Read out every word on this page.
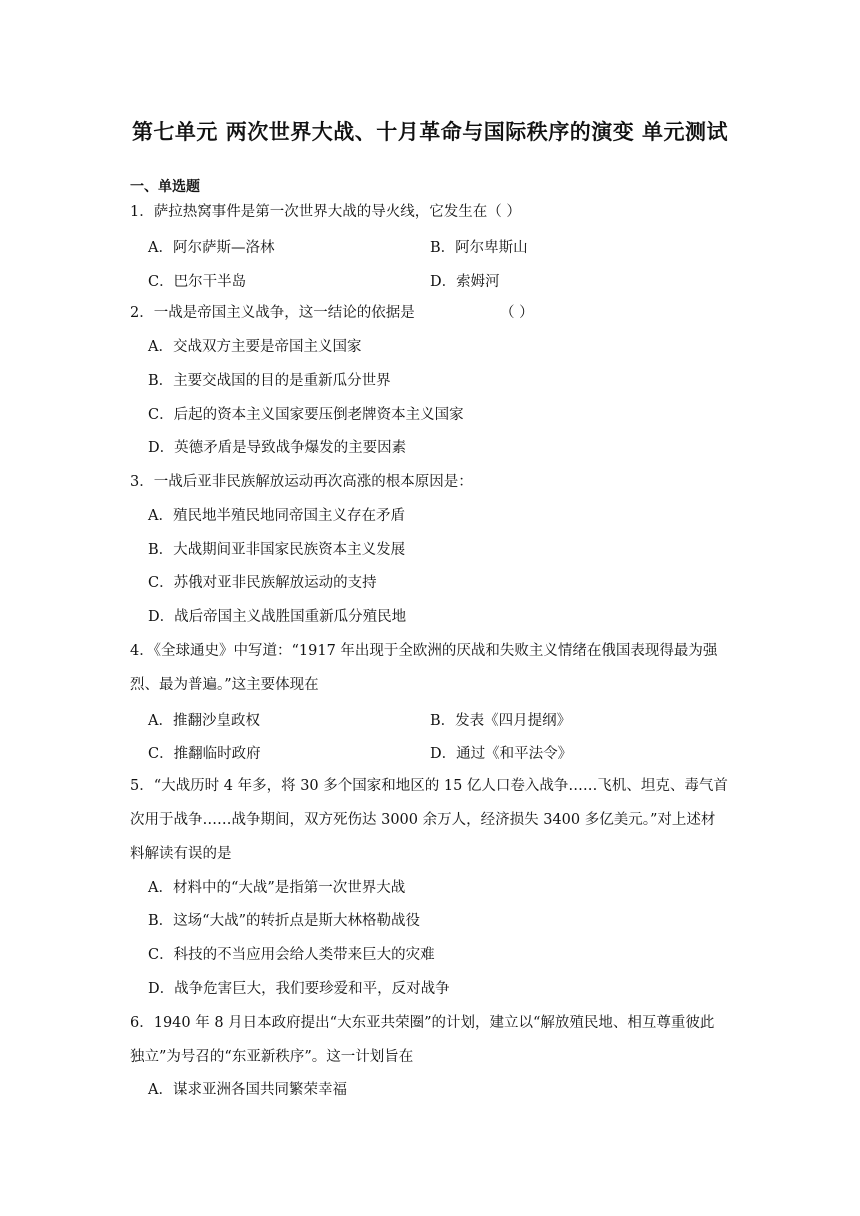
第七单元 两次世界大战、十月革命与国际秩序的演变 单元测试
一、单选题
1．萨拉热窝事件是第一次世界大战的导火线，它发生在（ ）
A．阿尔萨斯—洛林	B．阿尔卑斯山
C．巴尔干半岛	D．索姆河
2．一战是帝国主义战争，这一结论的依据是	（ ）
A．交战双方主要是帝国主义国家
B．主要交战国的目的是重新瓜分世界
C．后起的资本主义国家要压倒老牌资本主义国家
D．英德矛盾是导致战争爆发的主要因素
3．一战后亚非民族解放运动再次高涨的根本原因是：
A．殖民地半殖民地同帝国主义存在矛盾
B．大战期间亚非国家民族资本主义发展
C．苏俄对亚非民族解放运动的支持
D．战后帝国主义战胜国重新瓜分殖民地
4．《全球通史》中写道：“1917 年出现于全欧洲的厌战和失败主义情绪在俄国表现得最为强
烈、最为普遍。”这主要体现在
A．推翻沙皇政权	B．发表《四月提纲》
C．推翻临时政府	D．通过《和平法令》
5．“大战历时 4 年多，将 30 多个国家和地区的 15 亿人口卷入战争……飞机、坦克、毒气首
次用于战争……战争期间，双方死伤达 3000 余万人，经济损失 3400 多亿美元。”对上述材
料解读有误的是
A．材料中的“大战”是指第一次世界大战
B．这场“大战”的转折点是斯大林格勒战役
C．科技的不当应用会给人类带来巨大的灾难
D．战争危害巨大，我们要珍爱和平，反对战争
6．1940 年 8 月日本政府提出“大东亚共荣圈”的计划，建立以“解放殖民地、相互尊重彼此
独立”为号召的“东亚新秩序”。这一计划旨在
A．谋求亚洲各国共同繁荣幸福
